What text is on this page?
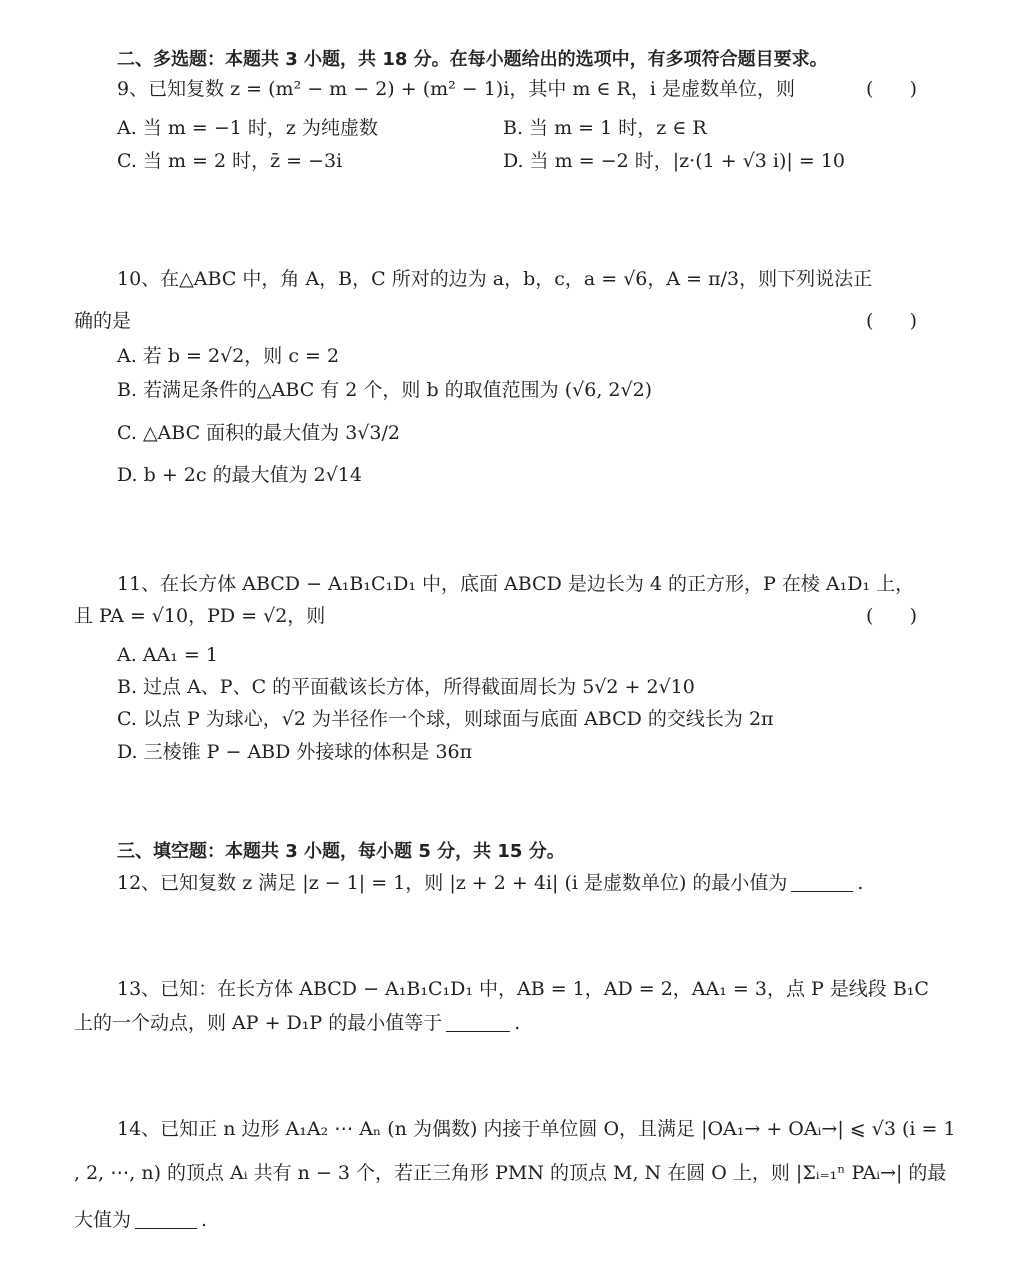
二、多选题：本题共 3 小题，共 18 分。在每小题给出的选项中，有多项符合题目要求。
9、已知复数 z = (m² − m − 2) + (m² − 1)i，其中 m ∈ R，i 是虚数单位，则	(      )
A. 当 m = −1 时，z 为纯虚数	B. 当 m = 1 时，z ∈ R
C. 当 m = 2 时，z̄ = −3i	D. 当 m = −2 时，|z·(1 + √3 i)| = 10
10、在△ABC 中，角 A，B，C 所对的边为 a，b，c，a = √6，A = π/3，则下列说法正
确的是	(      )
A. 若 b = 2√2，则 c = 2
B. 若满足条件的△ABC 有 2 个，则 b 的取值范围为 (√6, 2√2)
C. △ABC 面积的最大值为 3√3/2
D. b + 2c 的最大值为 2√14
11、在长方体 ABCD − A₁B₁C₁D₁ 中，底面 ABCD 是边长为 4 的正方形，P 在棱 A₁D₁ 上，
且 PA = √10，PD = √2，则	(      )
A. AA₁ = 1
B. 过点 A、P、C 的平面截该长方体，所得截面周长为 5√2 + 2√10
C. 以点 P 为球心，√2 为半径作一个球，则球面与底面 ABCD 的交线长为 2π
D. 三棱锥 P − ABD 外接球的体积是 36π
三、填空题：本题共 3 小题，每小题 5 分，共 15 分。
12、已知复数 z 满足 |z − 1| = 1，则 |z + 2 + 4i| (i 是虚数单位) 的最小值为	.
13、已知：在长方体 ABCD − A₁B₁C₁D₁ 中，AB = 1，AD = 2，AA₁ = 3，点 P 是线段 B₁C
上的一个动点，则 AP + D₁P 的最小值等于	.
14、已知正 n 边形 A₁A₂ ⋯ Aₙ (n 为偶数) 内接于单位圆 O，且满足 |OA₁→ + OAᵢ→| ⩽ √3 (i = 1
, 2, ⋯, n) 的顶点 Aᵢ 共有 n − 3 个，若正三角形 PMN 的顶点 M, N 在圆 O 上，则 |Σᵢ₌₁ⁿ PAᵢ→| 的最
大值为	.
